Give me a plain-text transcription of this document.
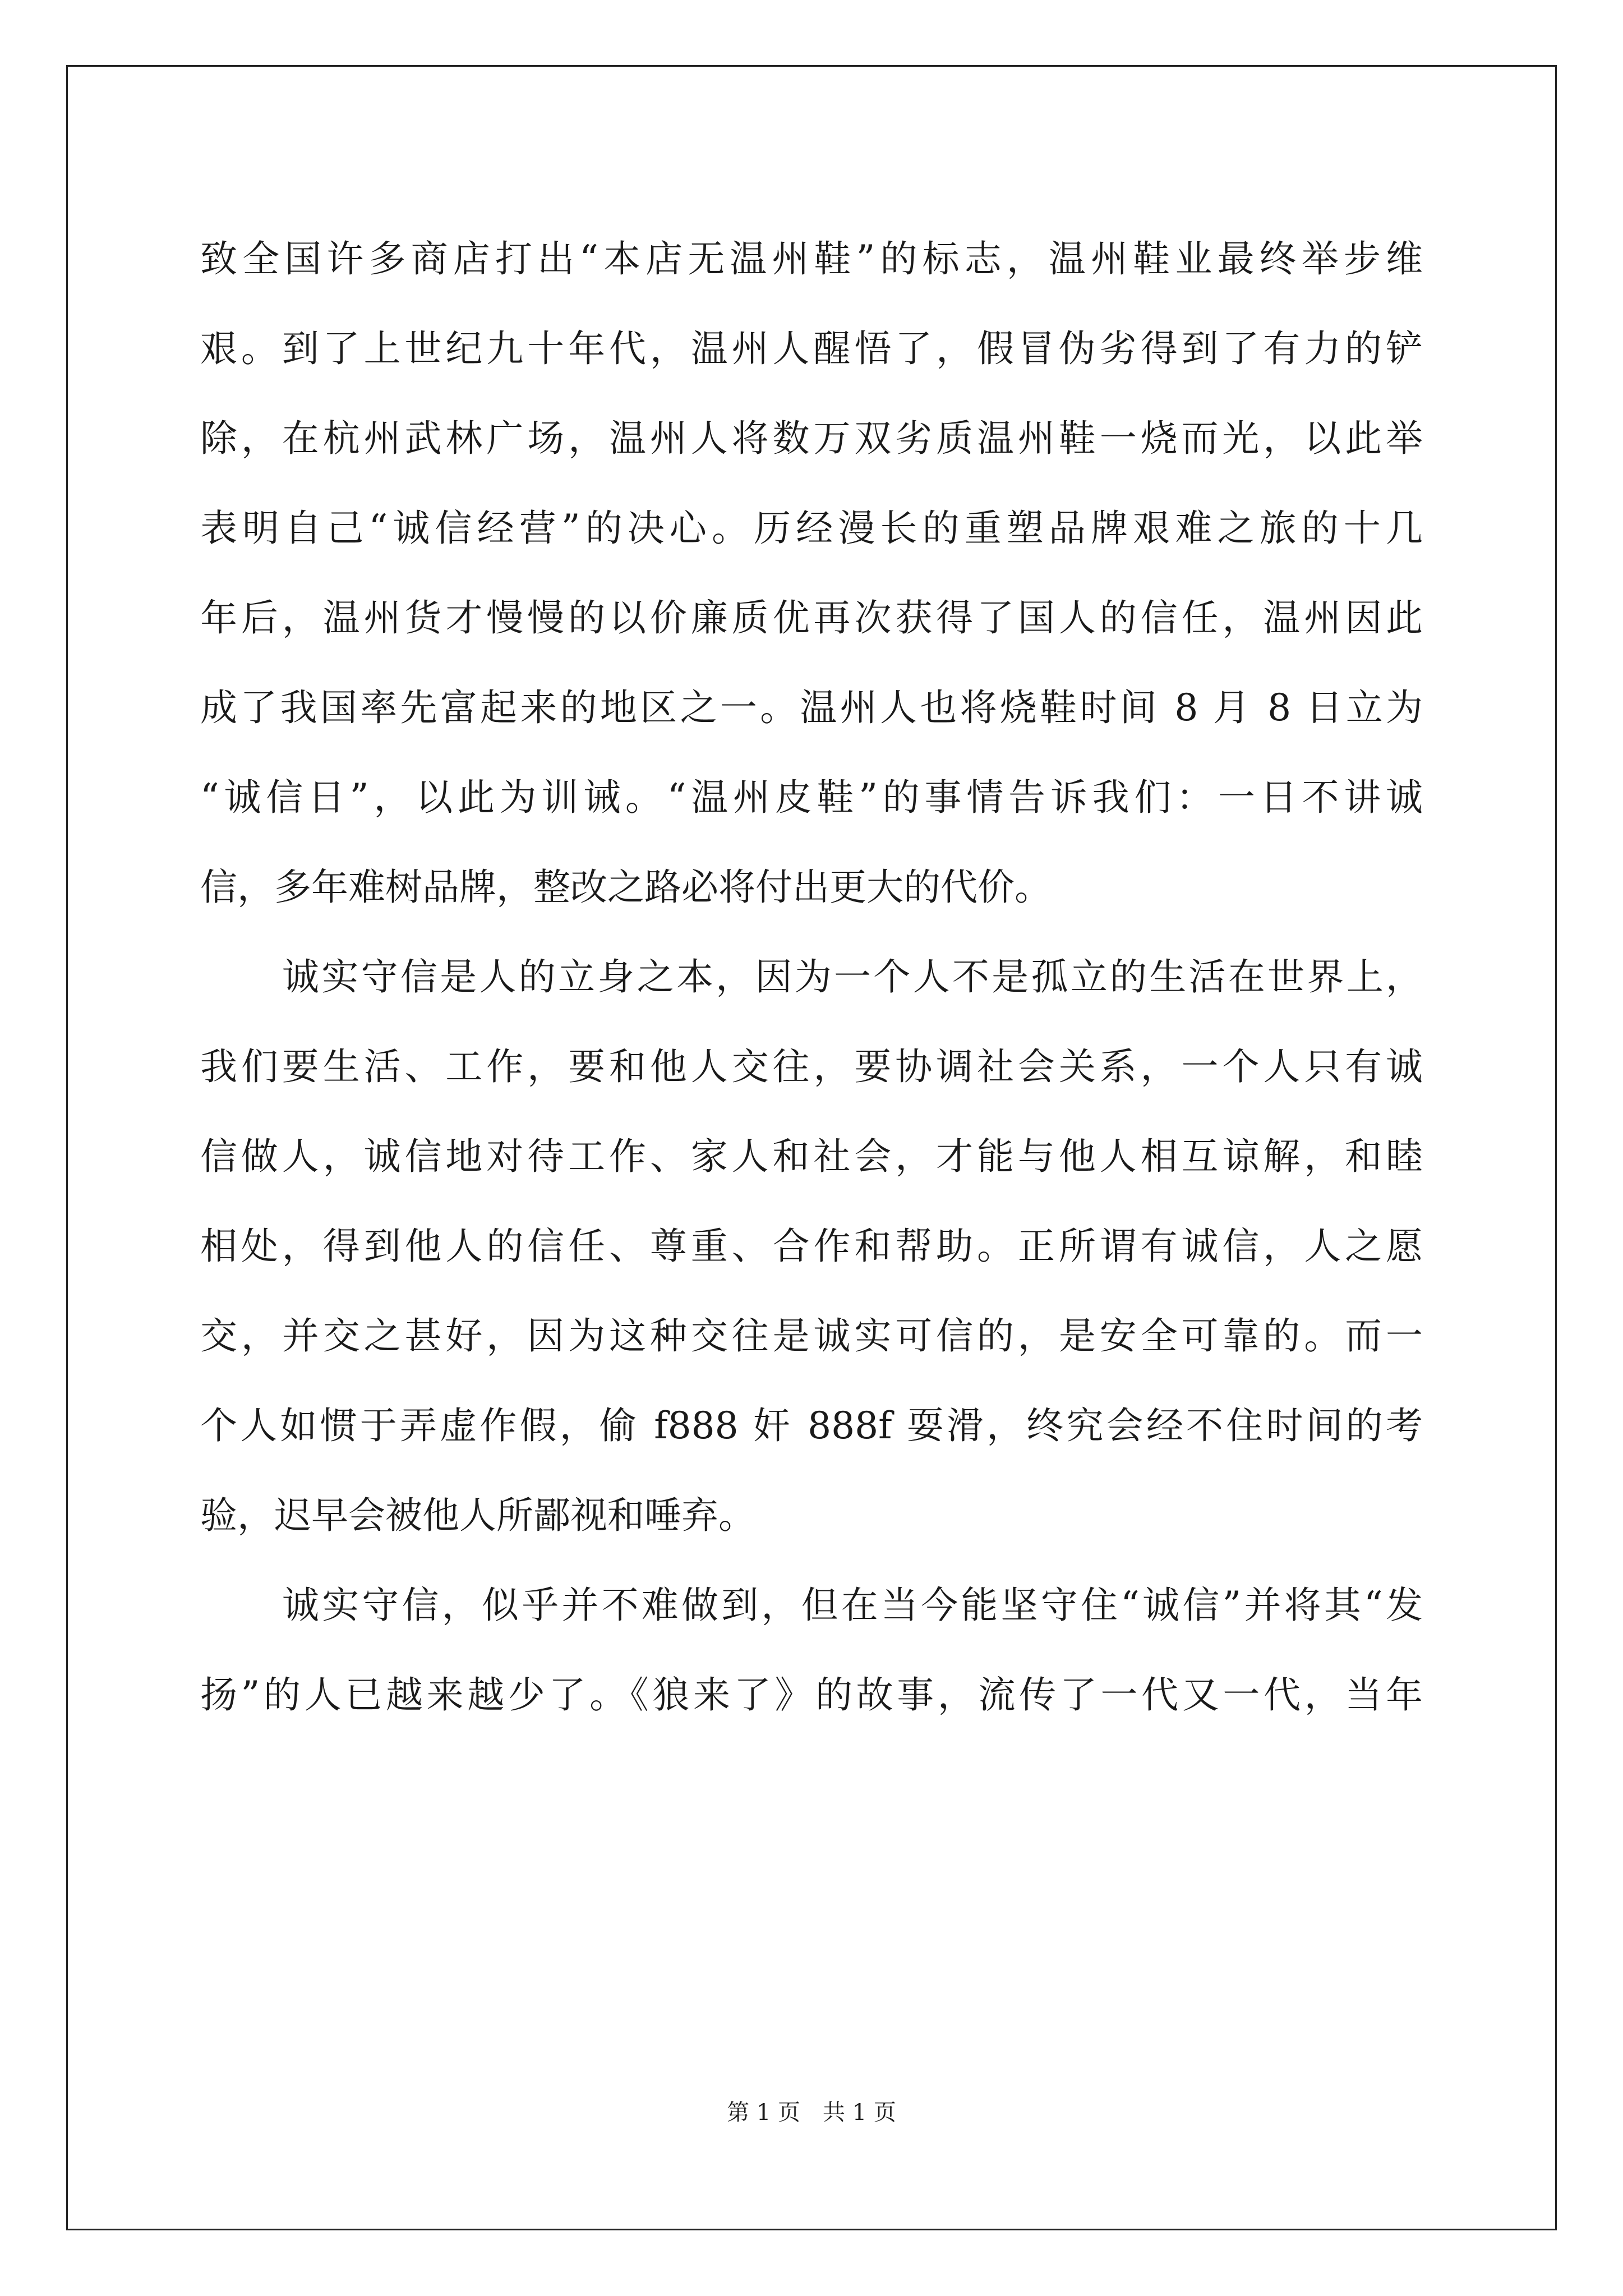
致全国许多商店打出“本店无温州鞋”的标志，温州鞋业最终举步维
艰。到了上世纪九十年代，温州人醒悟了，假冒伪劣得到了有力的铲
除，在杭州武林广场，温州人将数万双劣质温州鞋一烧而光，以此举
表明自己“诚信经营”的决心。历经漫长的重塑品牌艰难之旅的十几
年后，温州货才慢慢的以价廉质优再次获得了国人的信任，温州因此
成了我国率先富起来的地区之一。温州人也将烧鞋时间 8 月 8 日立为
“诚信日”，以此为训诫。“温州皮鞋”的事情告诉我们：一日不讲诚
信，多年难树品牌，整改之路必将付出更大的代价。
诚实守信是人的立身之本，因为一个人不是孤立的生活在世界上，
我们要生活、工作，要和他人交往，要协调社会关系，一个人只有诚
信做人，诚信地对待工作、家人和社会，才能与他人相互谅解，和睦
相处，得到他人的信任、尊重、合作和帮助。正所谓有诚信，人之愿
交，并交之甚好，因为这种交往是诚实可信的，是安全可靠的。而一
个人如惯于弄虚作假，偷 f888 奸 888f 耍滑，终究会经不住时间的考
验，迟早会被他人所鄙视和唾弃。
诚实守信，似乎并不难做到，但在当今能坚守住“诚信”并将其“发
扬”的人已越来越少了。《狼来了》的故事，流传了一代又一代，当年
第 1 页　共 1 页
